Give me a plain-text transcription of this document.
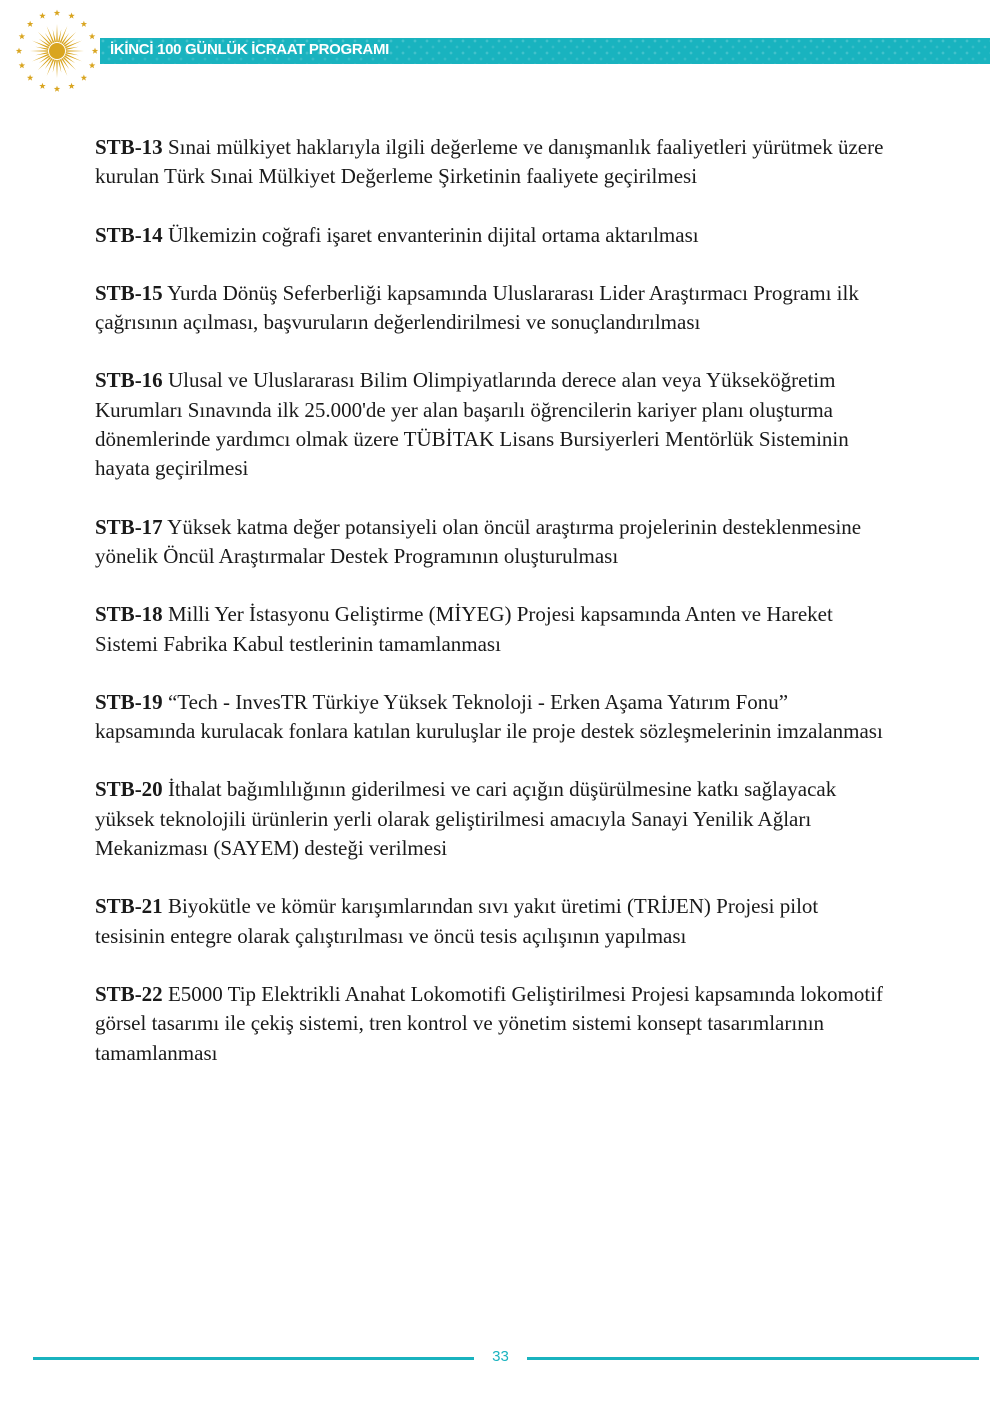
İKİNCİ 100 GÜNLÜK İCRAAT PROGRAMI

STB-13 Sınai mülkiyet haklarıyla ilgili değerleme ve danışmanlık faaliyetleri yürütmek üzere kurulan Türk Sınai Mülkiyet Değerleme Şirketinin faaliyete geçirilmesi

STB-14 Ülkemizin coğrafi işaret envanterinin dijital ortama aktarılması

STB-15 Yurda Dönüş Seferberliği kapsamında Uluslararası Lider Araştırmacı Programı ilk çağrısının açılması, başvuruların değerlendirilmesi ve sonuçlandırılması

STB-16 Ulusal ve Uluslararası Bilim Olimpiyatlarında derece alan veya Yükseköğretim Kurumları Sınavında ilk 25.000'de yer alan başarılı öğrencilerin kariyer planı oluşturma dönemlerinde yardımcı olmak üzere TÜBİTAK Lisans Bursiyerleri Mentörlük Sisteminin hayata geçirilmesi

STB-17 Yüksek katma değer potansiyeli olan öncül araştırma projelerinin desteklenmesine yönelik Öncül Araştırmalar Destek Programının oluşturulması

STB-18 Milli Yer İstasyonu Geliştirme (MİYEG) Projesi kapsamında Anten ve Hareket Sistemi Fabrika Kabul testlerinin tamamlanması

STB-19 “Tech - InvesTR Türkiye Yüksek Teknoloji - Erken Aşama Yatırım Fonu” kapsamında kurulacak fonlara katılan kuruluşlar ile proje destek sözleşmelerinin imzalanması

STB-20 İthalat bağımlılığının giderilmesi ve cari açığın düşürülmesine katkı sağlayacak yüksek teknolojili ürünlerin yerli olarak geliştirilmesi amacıyla Sanayi Yenilik Ağları Mekanizması (SAYEM) desteği verilmesi

STB-21 Biyokütle ve kömür karışımlarından sıvı yakıt üretimi (TRİJEN) Projesi pilot tesisinin entegre olarak çalıştırılması ve öncü tesis açılışının yapılması

STB-22 E5000 Tip Elektrikli Anahat Lokomotifi Geliştirilmesi Projesi kapsamında lokomotif görsel tasarımı ile çekiş sistemi, tren kontrol ve yönetim sistemi konsept tasarımlarının tamamlanması

33
